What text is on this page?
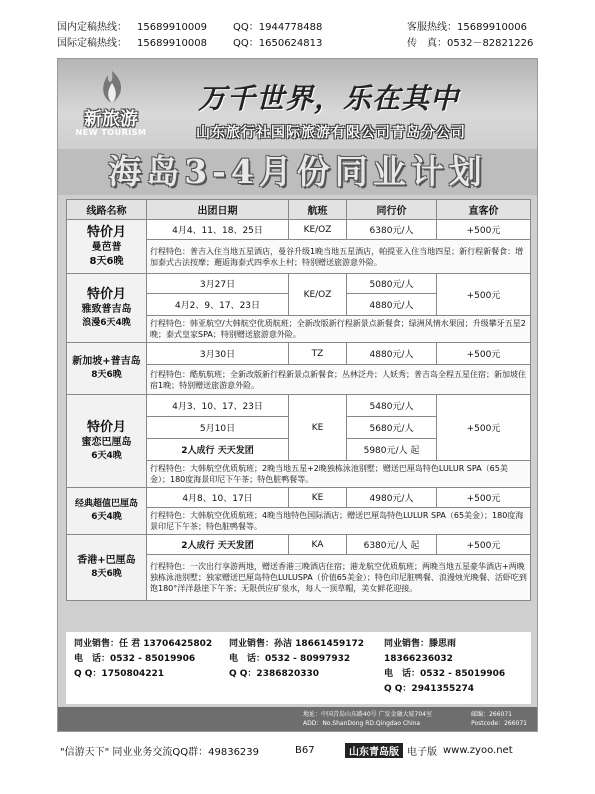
国内定稿热线： 15689910009	QQ：1944778488	客服热线：15689910006
国际定稿热线： 15689910008	QQ：1650624813	传　真：0532－82821226
新旅游
NEW TOURISM
万千世界，乐在其中
山东旅行社国际旅游有限公司青岛分公司
海岛3-4月份同业计划
线路名称	出团日期	航班	同行价	直客价

特价月
曼芭普
8天6晚	4月4、11、18、25日	KE/OZ	6380元/人	+500元
	行程特色：普吉入住当地五星酒店，曼谷升级1晚当地五星酒店，帕提亚入住当地四星；新行程新餐食：增加泰式古法按摩；邂逅海泰式四季水上村；特别赠送旅游意外险。			

特价月
雅致普吉岛
浪漫6天4晚	3月27日	KE/OZ	5080元/人	+500元
	4月2、9、17、23日		4880元/人	
	行程特色：韩亚航空/大韩航空优质航班；全新改版新行程新景点新餐食；绿洲风情水果园；升级攀牙五星2晚；泰式皇家SPA；特别赠送旅游意外险。			

新加坡+普吉岛
8天6晚	3月30日	TZ	4880元/人	+500元
	行程特色：酷航航班；全新改版新行程新景点新餐食；丛林泛舟；人妖秀；普吉岛全程五星住宿；新加坡住宿1晚；特别赠送旅游意外险。			

特价月
蜜恋巴厘岛
6天4晚	4月3、10、17、23日	KE	5480元/人	+500元
	5月10日		5680元/人	
	2人成行 天天发团		5980元/人 起	
	行程特色：大韩航空优质航班；2晚当地五星+2晚独栋泳池别墅；赠送巴厘岛特色LULUR SPA（65美金）；180度海景印尼下午茶；特色脏鸭餐等。			

经典超值巴厘岛
6天4晚	4月8、10、17日	KE	4980元/人	+500元
	行程特色：大韩航空优质航班；4晚当地特色国际酒店；赠送巴厘岛特色LULUR SPA（65美金）；180度海景印尼下午茶；特色脏鸭餐等。			

香港+巴厘岛
8天6晚	2人成行 天天发团	KA	6380元/人 起	+500元
	行程特色：一次出行享游两地，赠送香港三晚酒店住宿；港龙航空优质航班；两晚当地五星豪华酒店+两晚独栋泳池别墅；独家赠送巴厘岛特色LULUSPA（价值65美金）；特色印尼脏鸭餐、浪漫烛光晚餐、活虾吃到饱180°洋洋悬崖下午茶；无限供应矿泉水，每人一顶草帽，美女鲜花迎接。			
同业销售：任 君 13706425802
电　话：0532 - 85019906
Q Q：1750804221
同业销售：孙洁 18661459172
电　话：0532 - 80997932
Q Q：2386820330
同业销售：滕思雨 18366236032
电　话：0532 - 85019906
Q Q：2941355274
地址：中国青岛山东路40号 广发金融大厦704室
ADD：No.ShanDong RD.Qingdao China
邮编：266071
Postcode：266071
"信游天下" 同业业务交流QQ群：49836239	B67	山东青岛版 电子版 www.zyoo.net
